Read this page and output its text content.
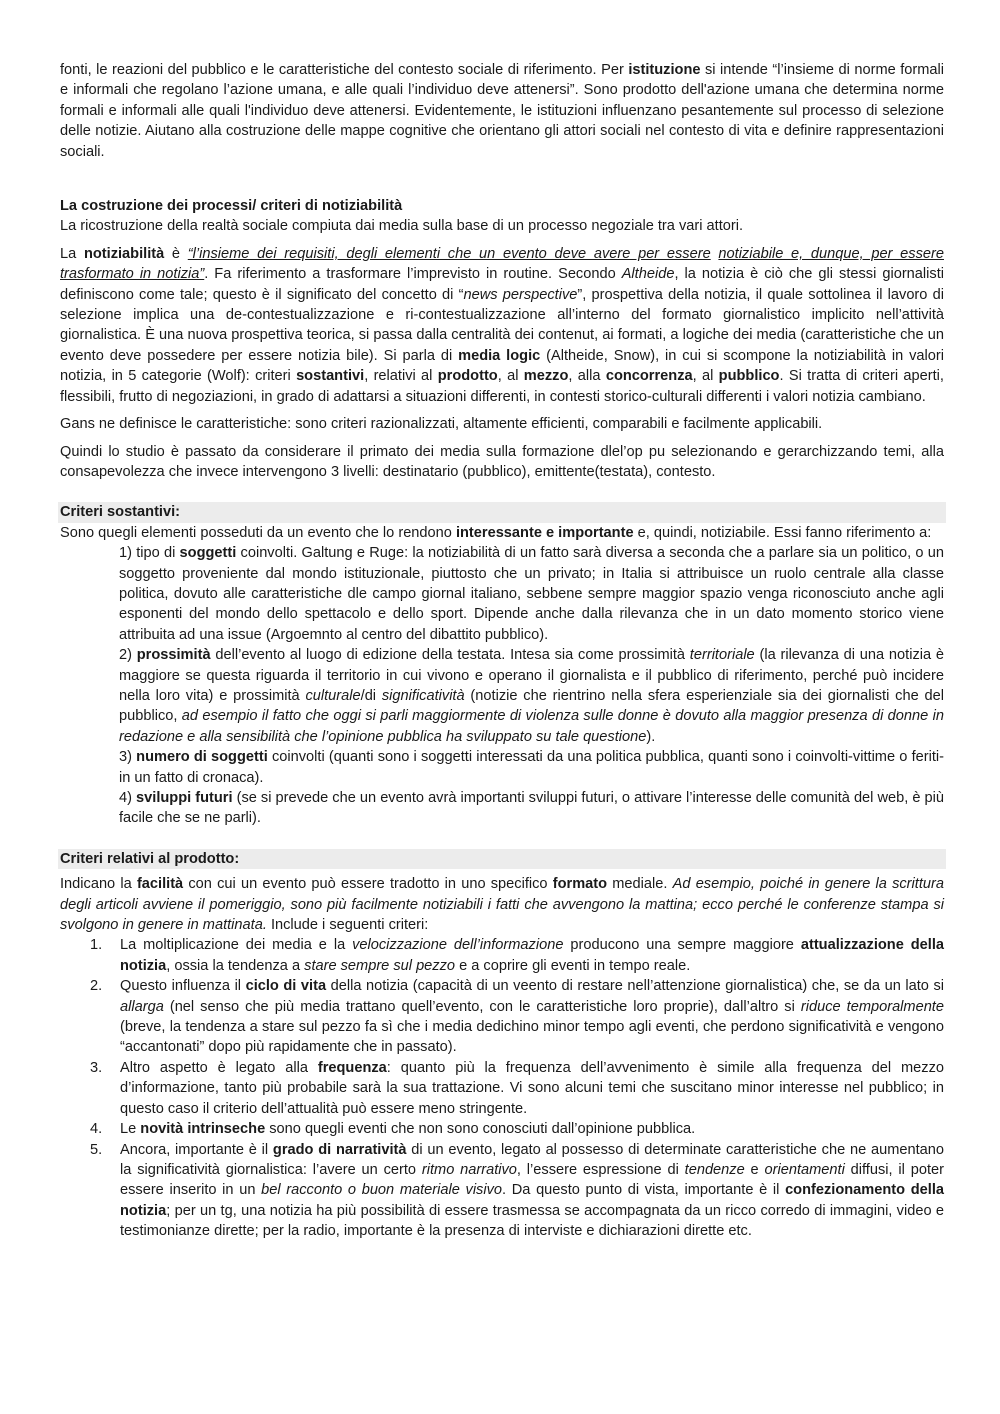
fonti, le reazioni del pubblico e le caratteristiche del contesto sociale di riferimento. Per istituzione si intende “l’insieme di norme formali e informali che regolano l’azione umana, e alle quali l’individuo deve attenersi”. Sono prodotto dell'azione umana che determina norme formali e informali alle quali l'individuo deve attenersi. Evidentemente, le istituzioni influenzano pesantemente sul processo di selezione delle notizie. Aiutano alla costruzione delle mappe cognitive che orientano gli attori sociali nel contesto di vita e definire rappresentazioni sociali.

La costruzione dei processi/ criteri di notiziabilità

La ricostruzione della realtà sociale compiuta dai media sulla base di un processo negoziale tra vari attori.

La notiziabilità è “l’insieme dei requisiti, degli elementi che un evento deve avere per essere notiziabile e, dunque, per essere trasformato in notizia”. Fa riferimento a trasformare l’imprevisto in routine. Secondo Altheide, la notizia è ciò che gli stessi giornalisti definiscono come tale; questo è il significato del concetto di “news perspective”, prospettiva della notizia, il quale sottolinea il lavoro di selezione implica una de-contestualizzazione e ri-contestualizzazione all’interno del formato giornalistico implicito nell’attività giornalistica. È una nuova prospettiva teorica, si passa dalla centralità dei contenut, ai formati, a logiche dei media (caratteristiche che un evento deve possedere per essere notizia bile). Si parla di media logic (Altheide, Snow), in cui si scompone la notiziabilità in valori notizia, in 5 categorie (Wolf): criteri sostantivi, relativi al prodotto, al mezzo, alla concorrenza, al pubblico. Si tratta di criteri aperti, flessibili, frutto di negoziazioni, in grado di adattarsi a situazioni differenti, in contesti storico-culturali differenti i valori notizia cambiano.

Gans ne definisce le caratteristiche: sono criteri razionalizzati, altamente efficienti, comparabili e facilmente applicabili.

Quindi lo studio è passato da considerare il primato dei media sulla formazione dlel’op pu selezionando e gerarchizzando temi, alla consapevolezza che invece intervengono 3 livelli: destinatario (pubblico), emittente(testata), contesto.

Criteri sostantivi:

Sono quegli elementi posseduti da un evento che lo rendono interessante e importante e, quindi, notiziabile. Essi fanno riferimento a:

1) tipo di soggetti coinvolti. Galtung e Ruge: la notiziabilità di un fatto sarà diversa a seconda che a parlare sia un politico, o un soggetto proveniente dal mondo istituzionale, piuttosto che un privato; in Italia si attribuisce un ruolo centrale alla classe politica, dovuto alle caratteristiche dle campo giornal italiano, sebbene sempre maggior spazio venga riconosciuto anche agli esponenti del mondo dello spettacolo e dello sport. Dipende anche dalla rilevanza che in un dato momento storico viene attribuita ad una issue (Argoemnto al centro del dibattito pubblico).

2) prossimità dell’evento al luogo di edizione della testata. Intesa sia come prossimità territoriale (la rilevanza di una notizia è maggiore se questa riguarda il territorio in cui vivono e operano il giornalista e il pubblico di riferimento, perché può incidere nella loro vita) e prossimità culturale/di significatività (notizie che rientrino nella sfera esperienziale sia dei giornalisti che del pubblico, ad esempio il fatto che oggi si parli maggiormente di violenza sulle donne è dovuto alla maggior presenza di donne in redazione e alla sensibilità che l’opinione pubblica ha sviluppato su tale questione).

3) numero di soggetti coinvolti (quanti sono i soggetti interessati da una politica pubblica, quanti sono i coinvolti-vittime o feriti- in un fatto di cronaca).

4) sviluppi futuri (se si prevede che un evento avrà importanti sviluppi futuri, o attivare l’interesse delle comunità del web, è più facile che se ne parli).

Criteri relativi al prodotto:

Indicano la facilità con cui un evento può essere tradotto in uno specifico formato mediale. Ad esempio, poiché in genere la scrittura degli articoli avviene il pomeriggio, sono più facilmente notiziabili i fatti che avvengono la mattina; ecco perché le conferenze stampa si svolgono in genere in mattinata. Include i seguenti criteri:

1. La moltiplicazione dei media e la velocizzazione dell’informazione producono una sempre maggiore attualizzazione della notizia, ossia la tendenza a stare sempre sul pezzo e a coprire gli eventi in tempo reale.
2. Questo influenza il ciclo di vita della notizia (capacità di un veento di restare nell’attenzione giornalistica) che, se da un lato si allarga (nel senso che più media trattano quell’evento, con le caratteristiche loro proprie), dall’altro si riduce temporalmente (breve, la tendenza a stare sul pezzo fa sì che i media dedichino minor tempo agli eventi, che perdono significatività e vengono “accantonati” dopo più rapidamente che in passato).
3. Altro aspetto è legato alla frequenza: quanto più la frequenza dell’avvenimento è simile alla frequenza del mezzo d’informazione, tanto più probabile sarà la sua trattazione. Vi sono alcuni temi che suscitano minor interesse nel pubblico; in questo caso il criterio dell’attualità può essere meno stringente.
4. Le novità intrinseche sono quegli eventi che non sono conosciuti dall’opinione pubblica.
5. Ancora, importante è il grado di narratività di un evento, legato al possesso di determinate caratteristiche che ne aumentano la significatività giornalistica: l’avere un certo ritmo narrativo, l’essere espressione di tendenze e orientamenti diffusi, il poter essere inserito in un bel racconto o buon materiale visivo. Da questo punto di vista, importante è il confezionamento della notizia; per un tg, una notizia ha più possibilità di essere trasmessa se accompagnata da un ricco corredo di immagini, video e testimonianze dirette; per la radio, importante è la presenza di interviste e dichiarazioni dirette etc.
